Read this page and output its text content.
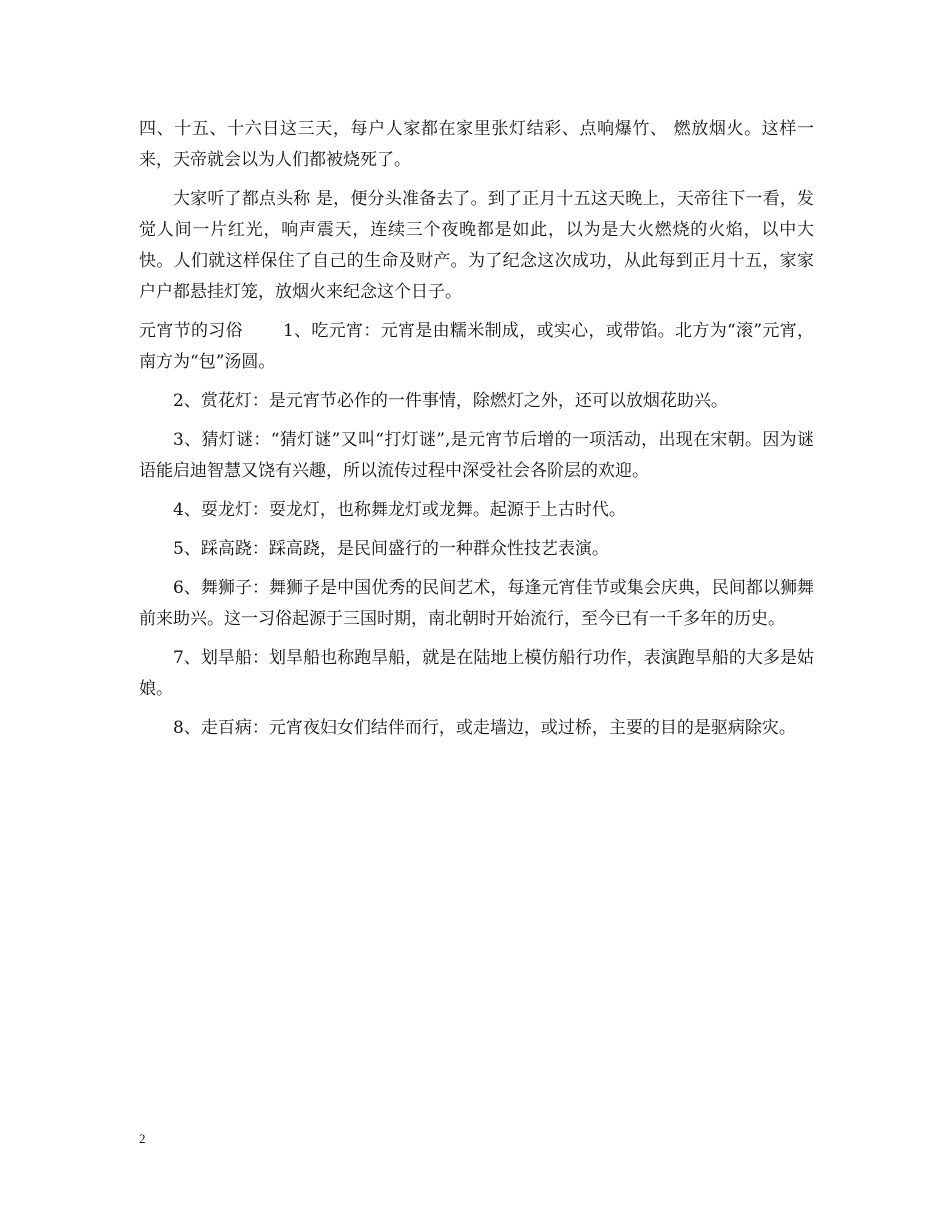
四、十五、十六日这三天，每户人家都在家里张灯结彩、点响爆竹、 燃放烟火。这样一来，天帝就会以为人们都被烧死了。

大家听了都点头称 是，便分头准备去了。到了正月十五这天晚上，天帝往下一看，发觉人间一片红光，响声震天，连续三个夜晚都是如此，以为是大火燃烧的火焰，以中大快。人们就这样保住了自己的生命及财产。为了纪念这次成功，从此每到正月十五，家家户户都悬挂灯笼，放烟火来纪念这个日子。

元宵节的习俗 1、吃元宵：元宵是由糯米制成，或实心，或带馅。北方为“滚”元宵，南方为“包”汤圆。

2、赏花灯：是元宵节必作的一件事情，除燃灯之外，还可以放烟花助兴。

3、猜灯谜：“猜灯谜”又叫“打灯谜”,是元宵节后增的一项活动，出现在宋朝。因为谜语能启迪智慧又饶有兴趣，所以流传过程中深受社会各阶层的欢迎。

4、耍龙灯：耍龙灯，也称舞龙灯或龙舞。起源于上古时代。

5、踩高跷：踩高跷，是民间盛行的一种群众性技艺表演。

6、舞狮子：舞狮子是中国优秀的民间艺术，每逢元宵佳节或集会庆典，民间都以狮舞前来助兴。这一习俗起源于三国时期，南北朝时开始流行，至今已有一千多年的历史。

7、划旱船：划旱船也称跑旱船，就是在陆地上模仿船行功作，表演跑旱船的大多是姑娘。

8、走百病：元宵夜妇女们结伴而行，或走墙边，或过桥，主要的目的是驱病除灾。

2
